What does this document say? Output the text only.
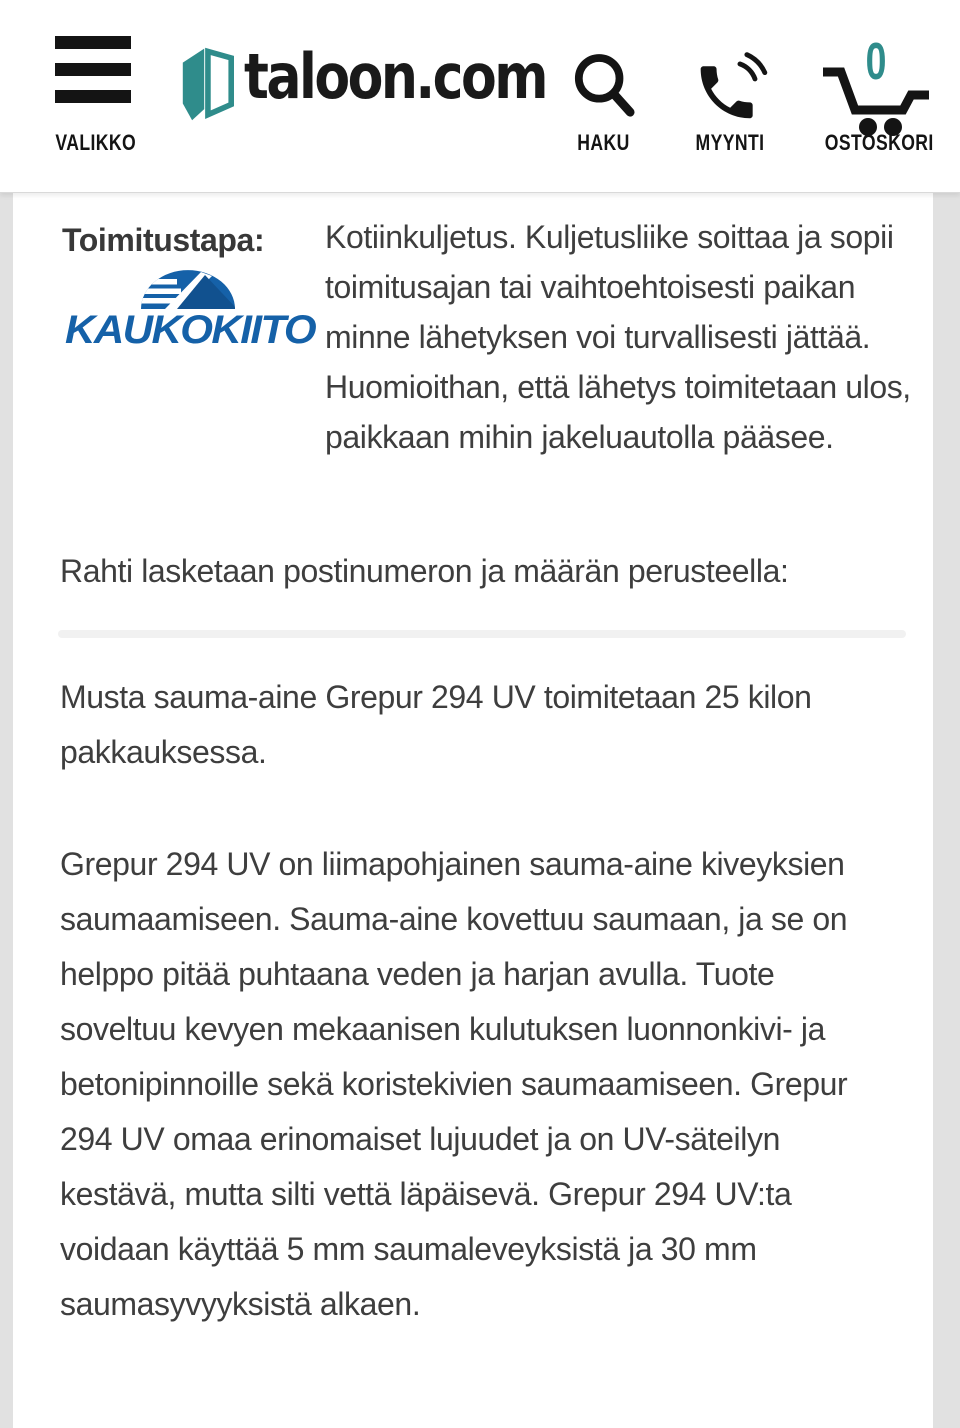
VALIKKO
taloon.com
HAKU	MYYNTI
0
OSTOSKORI
Toimitustapa:
KAUKOKIITO
Kotiinkuljetus. Kuljetusliike soittaa ja sopii toimitusajan tai vaihtoehtoisesti paikan minne lähetyksen voi turvallisesti jättää. Huomioithan, että lähetys toimitetaan ulos, paikkaan mihin jakeluautolla pääsee.
Rahti lasketaan postinumeron ja määrän perusteella:

Musta sauma-aine Grepur 294 UV toimitetaan 25 kilon pakkauksessa.

Grepur 294 UV on liimapohjainen sauma-aine kiveyksien saumaamiseen. Sauma-aine kovettuu saumaan, ja se on helppo pitää puhtaana veden ja harjan avulla. Tuote soveltuu kevyen mekaanisen kulutuksen luonnonkivi- ja betonipinnoille sekä koristekivien saumaamiseen. Grepur 294 UV omaa erinomaiset lujuudet ja on UV-säteilyn kestävä, mutta silti vettä läpäisevä. Grepur 294 UV:ta voidaan käyttää 5 mm saumaleveyksistä ja 30 mm saumasyvyyksistä alkaen.
